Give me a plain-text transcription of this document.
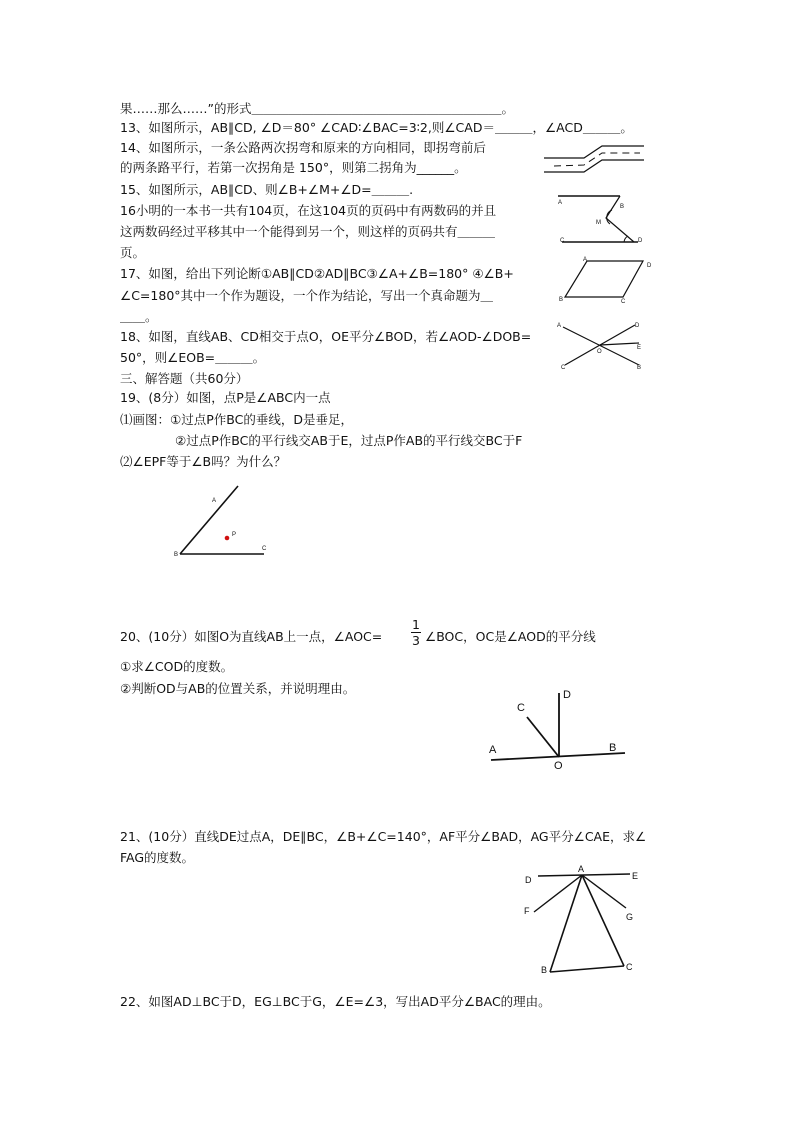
果……那么……”的形式＿＿＿＿＿＿＿＿＿＿＿＿＿＿＿＿＿＿＿＿。
13、如图所示，AB∥CD, ∠D＝80° ∠CAD∶∠BAC=3∶2,则∠CAD＝＿＿＿，∠ACD＿＿＿。
14、如图所示，一条公路两次拐弯和原来的方向相同，即拐弯前后
的两条路平行，若第一次拐角是 150°，则第二拐角为______。
15、如图所示，AB∥CD、则∠B+∠M+∠D=＿＿＿.
16小明的一本书一共有104页，在这104页的页码中有两数码的并且
这两数码经过平移其中一个能得到另一个，则这样的页码共有＿＿＿
页。
17、如图，给出下列论断①AB∥CD②AD∥BC③∠A+∠B=180° ④∠B+
∠C=180°其中一个作为题设，一个作为结论，写出一个真命题为＿
＿＿。
18、如图，直线AB、CD相交于点O，OE平分∠BOD，若∠AOD-∠DOB=
50°，则∠EOB=＿＿＿。
三、解答题（共60分）
19、(8分）如图，点P是∠ABC内一点
⑴画图：①过点P作BC的垂线，D是垂足，
②过点P作BC的平行线交AB于E，过点P作AB的平行线交BC于F
⑵∠EPF等于∠B吗？为什么？
20、(10分）如图O为直线AB上一点，∠AOC=
1
3 ∠BOC，OC是∠AOD的平分线
①求∠COD的度数。
②判断OD与AB的位置关系，并说明理由。
21、(10分）直线DE过点A，DE∥BC，∠B+∠C=140°，AF平分∠BAD，AG平分∠CAE，求∠
FAG的度数。
22、如图AD⊥BC于D，EG⊥BC于G，∠E=∠3，写出AD平分∠BAC的理由。
A
B
M
C	D
A
D
B	C
A	D
E
O
C	B
A
P
B
C
C
D
A	B
O
A
D	E
F
G
B	C
